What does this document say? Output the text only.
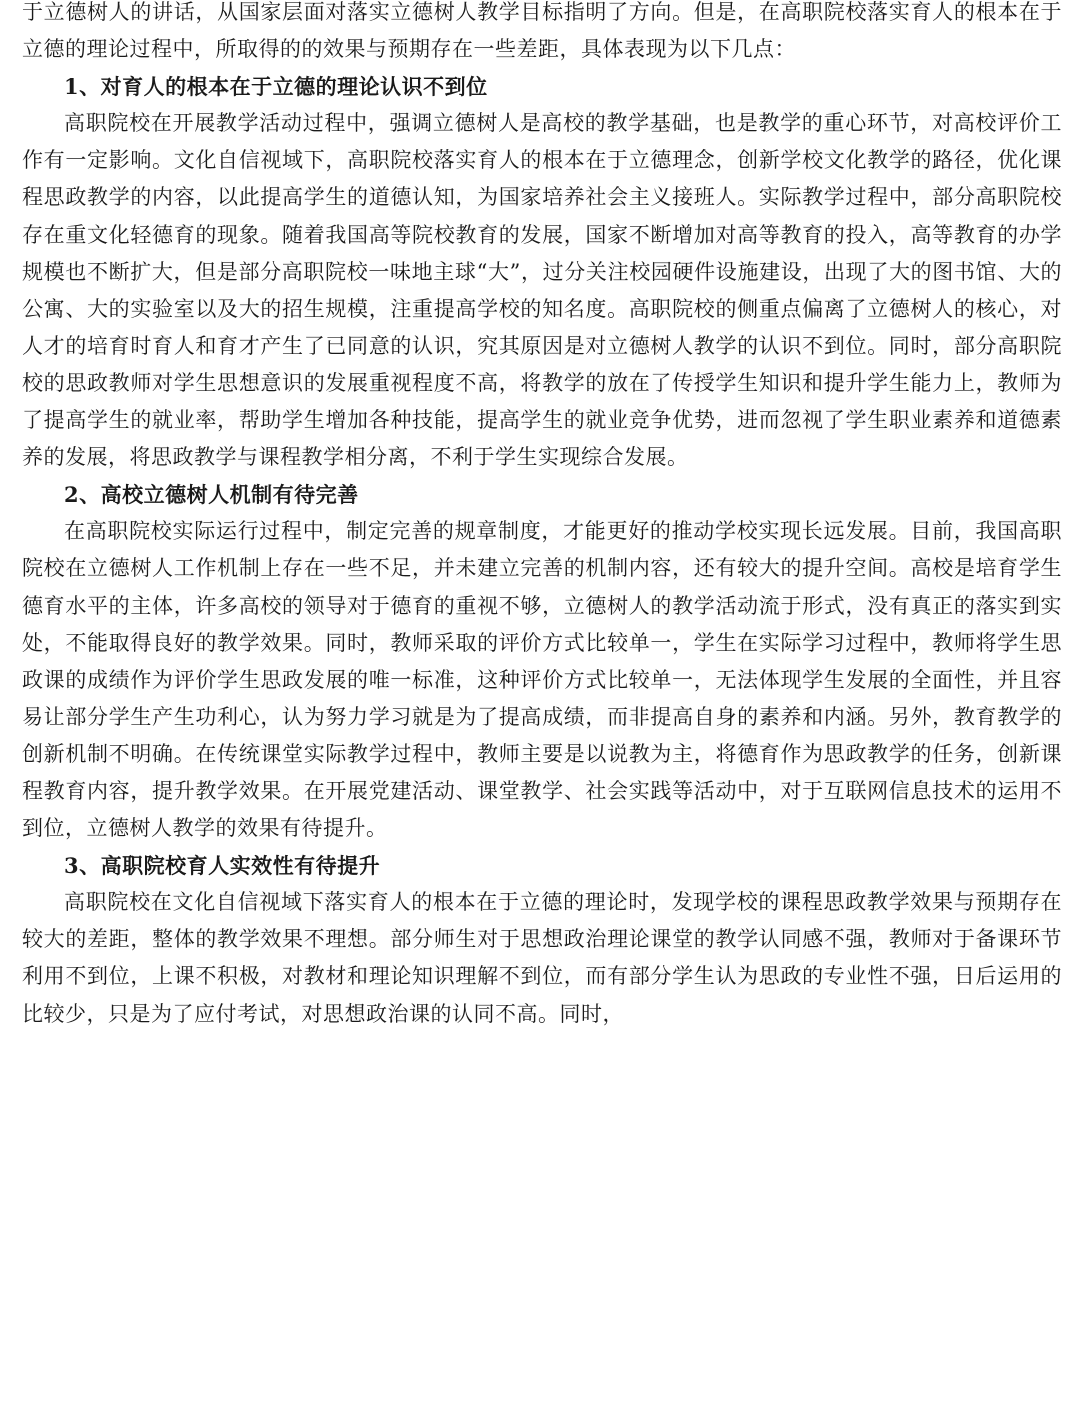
于立德树人的讲话，从国家层面对落实立德树人教学目标指明了方向。但是，在高职院校落实育人的根本在于立德的理论过程中，所取得的的效果与预期存在一些差距，具体表现为以下几点：

1、对育人的根本在于立德的理论认识不到位

高职院校在开展教学活动过程中，强调立德树人是高校的教学基础，也是教学的重心环节，对高校评价工作有一定影响。文化自信视域下，高职院校落实育人的根本在于立德理念，创新学校文化教学的路径，优化课程思政教学的内容，以此提高学生的道德认知，为国家培养社会主义接班人。实际教学过程中，部分高职院校存在重文化轻德育的现象。随着我国高等院校教育的发展，国家不断增加对高等教育的投入，高等教育的办学规模也不断扩大，但是部分高职院校一味地主球“大”，过分关注校园硬件设施建设，出现了大的图书馆、大的公寓、大的实验室以及大的招生规模，注重提高学校的知名度。高职院校的侧重点偏离了立德树人的核心，对人才的培育时育人和育才产生了已同意的认识，究其原因是对立德树人教学的认识不到位。同时，部分高职院校的思政教师对学生思想意识的发展重视程度不高，将教学的放在了传授学生知识和提升学生能力上，教师为了提高学生的就业率，帮助学生增加各种技能，提高学生的就业竞争优势，进而忽视了学生职业素养和道德素养的发展，将思政教学与课程教学相分离，不利于学生实现综合发展。

2、高校立德树人机制有待完善

在高职院校实际运行过程中，制定完善的规章制度，才能更好的推动学校实现长远发展。目前，我国高职院校在立德树人工作机制上存在一些不足，并未建立完善的机制内容，还有较大的提升空间。高校是培育学生德育水平的主体，许多高校的领导对于德育的重视不够，立德树人的教学活动流于形式，没有真正的落实到实处，不能取得良好的教学效果。同时，教师采取的评价方式比较单一，学生在实际学习过程中，教师将学生思政课的成绩作为评价学生思政发展的唯一标准，这种评价方式比较单一，无法体现学生发展的全面性，并且容易让部分学生产生功利心，认为努力学习就是为了提高成绩，而非提高自身的素养和内涵。另外，教育教学的创新机制不明确。在传统课堂实际教学过程中，教师主要是以说教为主，将德育作为思政教学的任务，创新课程教育内容，提升教学效果。在开展党建活动、课堂教学、社会实践等活动中，对于互联网信息技术的运用不到位，立德树人教学的效果有待提升。

3、高职院校育人实效性有待提升

高职院校在文化自信视域下落实育人的根本在于立德的理论时，发现学校的课程思政教学效果与预期存在较大的差距，整体的教学效果不理想。部分师生对于思想政治理论课堂的教学认同感不强，教师对于备课环节利用不到位，上课不积极，对教材和理论知识理解不到位，而有部分学生认为思政的专业性不强，日后运用的比较少，只是为了应付考试，对思想政治课的认同不高。同时，
